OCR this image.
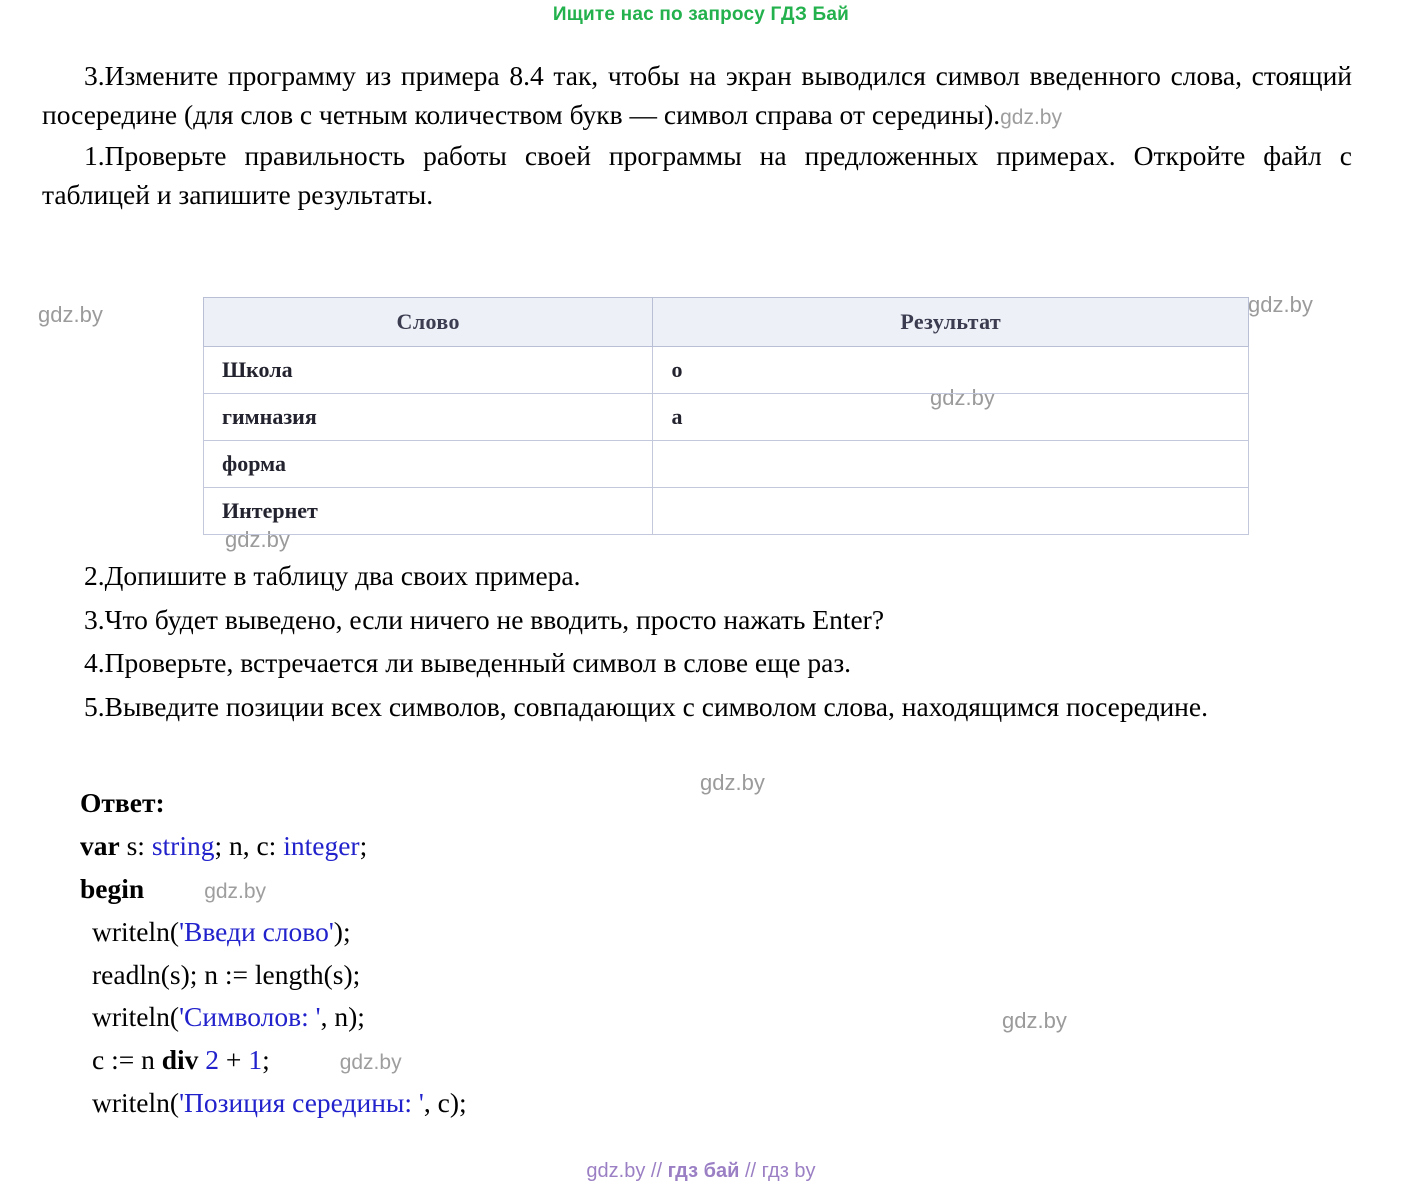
Ищите нас по запросу ГДЗ Бай

3.Измените программу из примера 8.4 так, чтобы на экран выводился символ введенного слова, стоящий посередине (для слов с четным количеством букв — символ справа от середины).gdz.by

1.Проверьте правильность работы своей программы на предложенных примерах. Откройте файл с таблицей и запишите результаты.

gdz.by
gdz.by
gdz.by
gdz.by
Слово	Результат
Школа	о
гимназия	а
форма	
Интернет	

2.Допишите в таблицу два своих примера.

3.Что будет выведено, если ничего не вводить, просто нажать Enter?

4.Проверьте, встречается ли выведенный символ в слове еще раз.

5.Выведите позиции всех символов, совпадающих с символом слова, находящимся посередине.

gdz.by
Ответ:
var s: string; n, c: integer;
begin	gdz.by
writeln('Введи слово');
readln(s); n := length(s);
writeln('Символов: ', n);
c := n div 2 + 1;	gdz.by
writeln('Позиция середины: ', c);
gdz.by
gdz.by // гдз бай // гдз by
